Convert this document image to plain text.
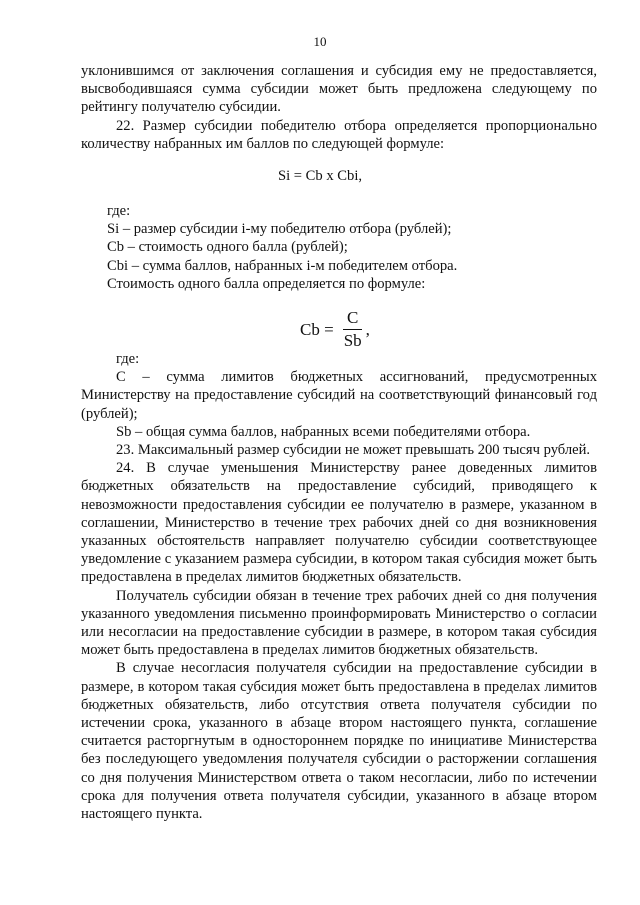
10

уклонившимся от заключения соглашения и субсидия ему не предоставляется, высвободившаяся сумма субсидии может быть предложена следующему по рейтингу получателю субсидии.

22. Размер субсидии победителю отбора определяется пропорционально количеству набранных им баллов по следующей формуле:

Si = Cb x Cbi,

где:

Si – размер субсидии i-му победителю отбора (рублей);

Cb – стоимость одного балла (рублей);

Cbi – сумма баллов, набранных i-м победителем отбора.

Стоимость одного балла определяется по формуле:

$Cb = \frac{C}{Sb}$ ,

где:

C – сумма лимитов бюджетных ассигнований, предусмотренных Министерству на предоставление субсидий на соответствующий финансовый год (рублей);

Sb – общая сумма баллов, набранных всеми победителями отбора.

23. Максимальный размер субсидии не может превышать 200 тысяч рублей.

24. В случае уменьшения Министерству ранее доведенных лимитов бюджетных обязательств на предоставление субсидий, приводящего к невозможности предоставления субсидии ее получателю в размере, указанном в соглашении, Министерство в течение трех рабочих дней со дня возникновения указанных обстоятельств направляет получателю субсидии соответствующее уведомление с указанием размера субсидии, в котором такая субсидия может быть предоставлена в пределах лимитов бюджетных обязательств.

Получатель субсидии обязан в течение трех рабочих дней со дня получения указанного уведомления письменно проинформировать Министерство о согласии или несогласии на предоставление субсидии в размере, в котором такая субсидия может быть предоставлена в пределах лимитов бюджетных обязательств.

В случае несогласия получателя субсидии на предоставление субсидии в размере, в котором такая субсидия может быть предоставлена в пределах лимитов бюджетных обязательств, либо отсутствия ответа получателя субсидии по истечении срока, указанного в абзаце втором настоящего пункта, соглашение считается расторгнутым в одностороннем порядке по инициативе Министерства без последующего уведомления получателя субсидии о расторжении соглашения со дня получения Министерством ответа о таком несогласии, либо по истечении срока для получения ответа получателя субсидии, указанного в абзаце втором настоящего пункта.
